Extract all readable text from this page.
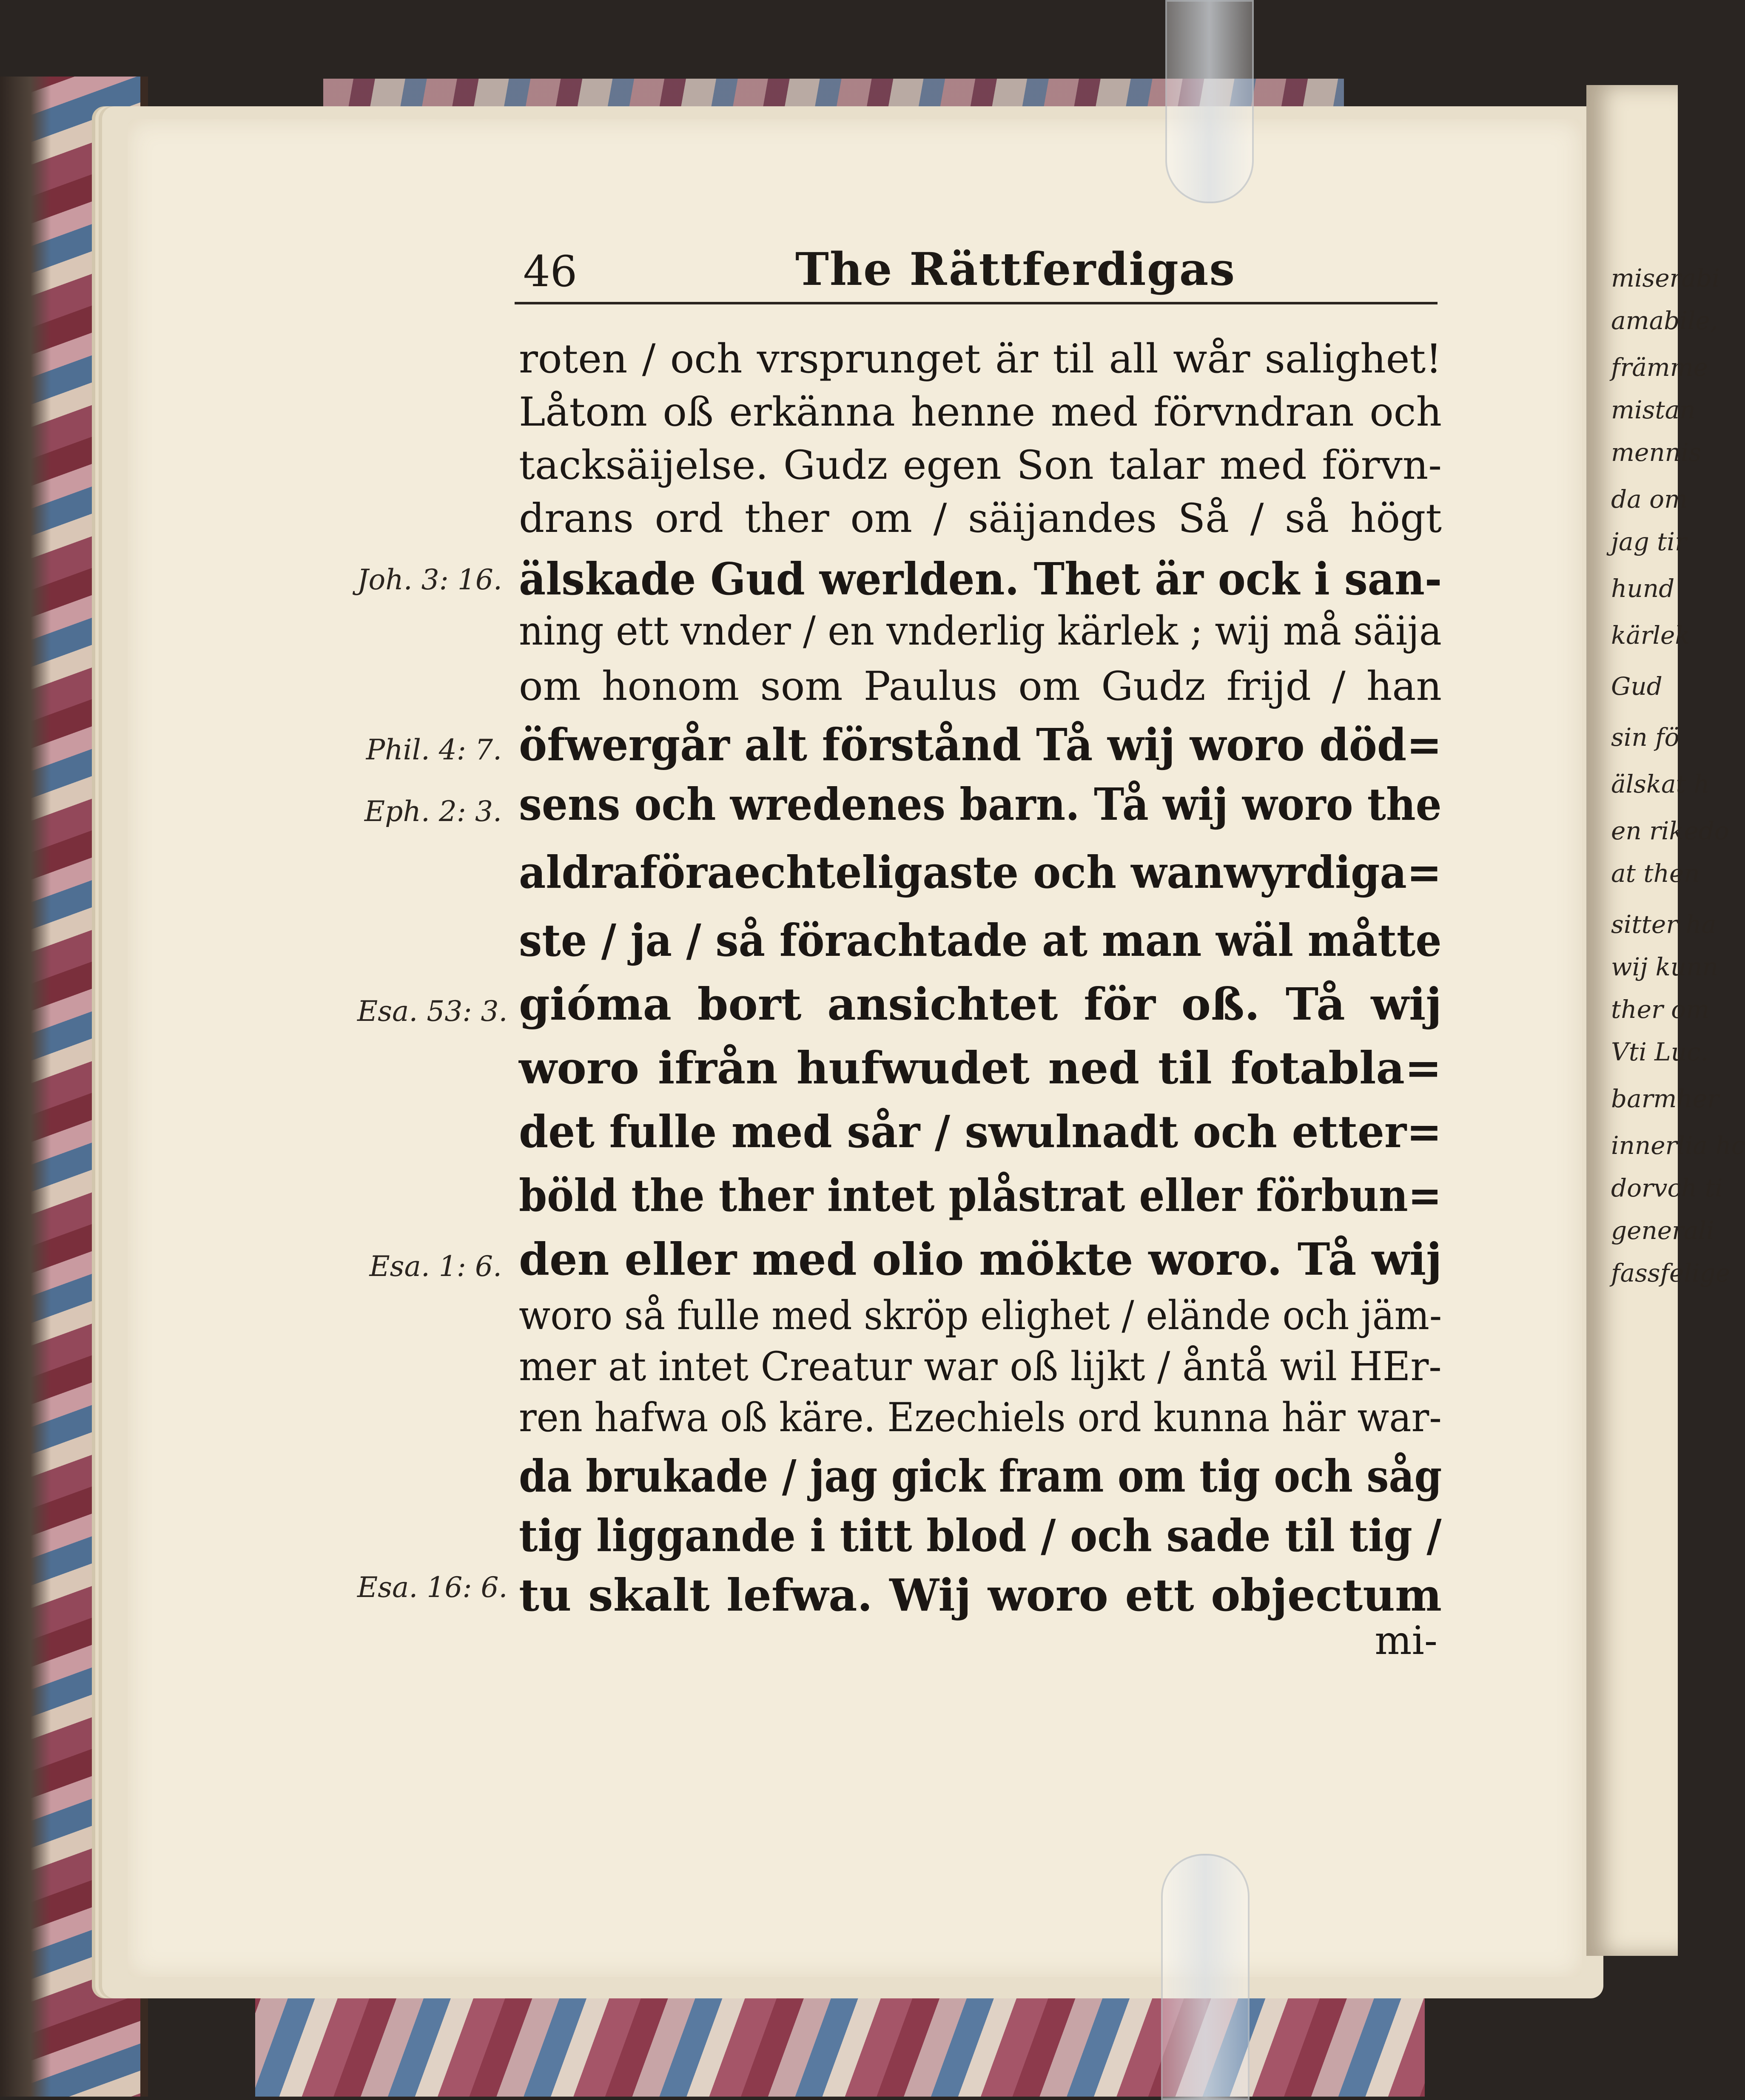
miserabi
amabile,
främme
mistan
mennis
da om
jag tir
hund
kärlek
Gud
sin fö
älskat h
en rikedo
at then
sitter ha
wij kunn
ther om
Vti Luc.
barmher
innerlia hc
dorvch ti
generali
fassfelige
46	The Rättferdigas
roten / och vrsprunget är til all wår salighet!
Låtom oß erkänna henne med förvndran och
tacksäijelse. Gudz egen Son talar med förvn-
drans ord ther om / säijandes Så / så högt
älskade Gud werlden. Thet är ock i san-
ning ett vnder / en vnderlig kärlek ; wij må säija
om honom som Paulus om Gudz frijd / han
öfwergår alt förstånd Tå wij woro död=
sens och wredenes barn. Tå wij woro the
aldraföraechteligaste och wanwyrdiga=
ste / ja / så förachtade at man wäl måtte
gióma bort ansichtet för oß. Tå wij
woro ifrån hufwudet ned til fotabla=
det fulle med sår / swulnadt och etter=
böld the ther intet plåstrat eller förbun=
den eller med olio mökte woro. Tå wij
woro så fulle med skröp elighet / elände och jäm-
mer at intet Creatur war oß lijkt / åntå wil HEr-
ren hafwa oß käre. Ezechiels ord kunna här war-
da brukade / jag gick fram om tig och såg
tig liggande i titt blod / och sade til tig /
tu skalt lefwa. Wij woro ett objectum
mi-
Joh. 3: 16.
Phil. 4: 7.
Eph. 2: 3.
Esa. 53: 3.
Esa. 1: 6.
Esa. 16: 6.
